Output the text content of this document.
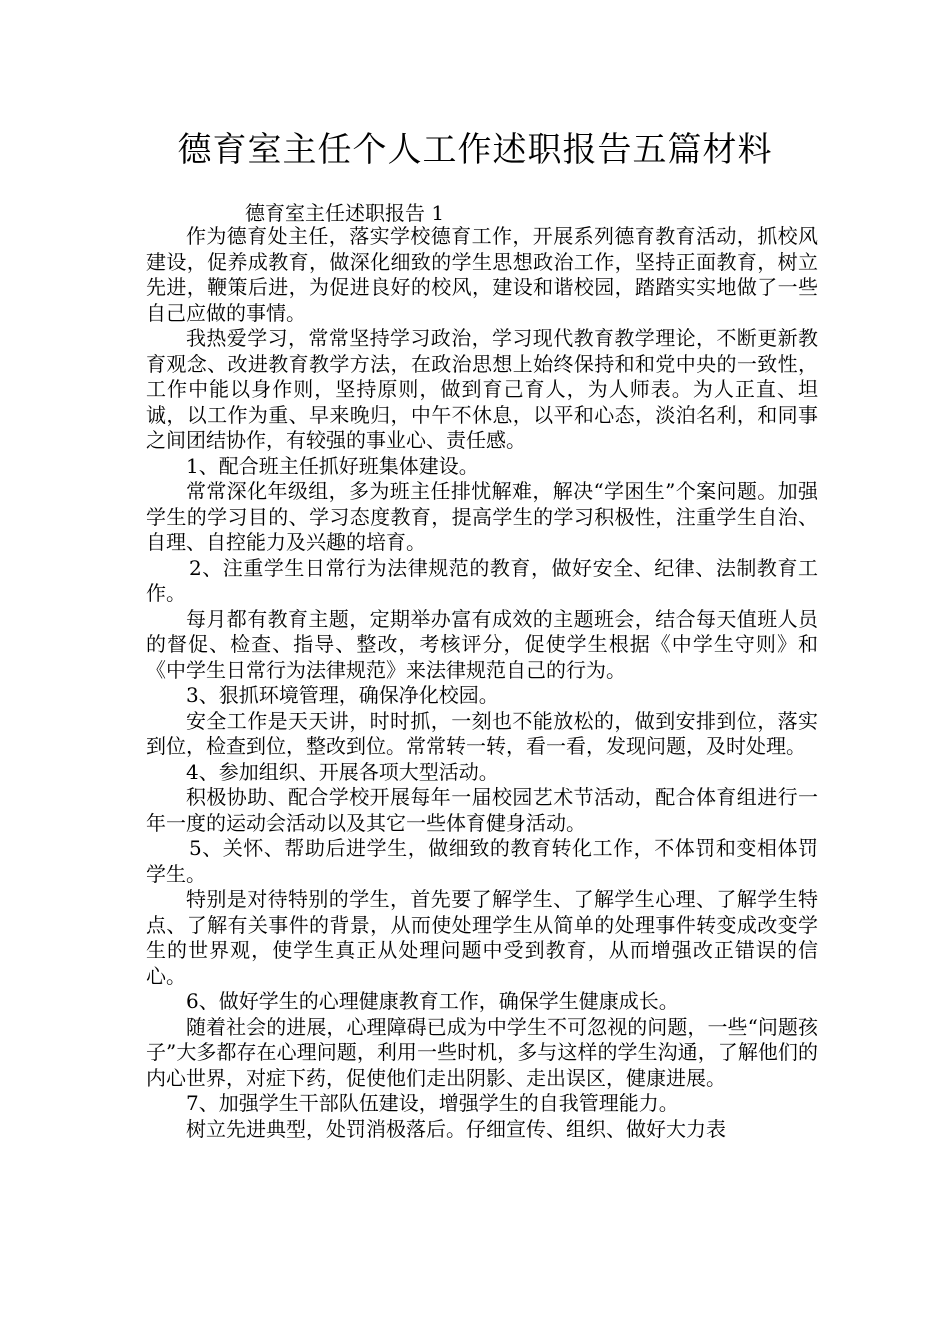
德育室主任个人工作述职报告五篇材料
德育室主任述职报告 1

作为德育处主任，落实学校德育工作，开展系列德育教育活动，抓校风建设，促养成教育，做深化细致的学生思想政治工作，坚持正面教育，树立先进，鞭策后进，为促进良好的校风，建设和谐校园，踏踏实实地做了一些自己应做的事情。

我热爱学习，常常坚持学习政治，学习现代教育教学理论，不断更新教育观念、改进教育教学方法，在政治思想上始终保持和和党中央的一致性，工作中能以身作则，坚持原则，做到育己育人，为人师表。为人正直、坦诚，以工作为重、早来晚归，中午不休息，以平和心态，淡泊名利，和同事之间团结协作，有较强的事业心、责任感。

1、配合班主任抓好班集体建设。

常常深化年级组，多为班主任排忧解难，解决“学困生”个案问题。加强学生的学习目的、学习态度教育，提高学生的学习积极性，注重学生自治、自理、自控能力及兴趣的培育。

2、注重学生日常行为法律规范的教育，做好安全、纪律、法制教育工作。

每月都有教育主题，定期举办富有成效的主题班会，结合每天值班人员的督促、检查、指导、整改，考核评分，促使学生根据《中学生守则》和《中学生日常行为法律规范》来法律规范自己的行为。

3、狠抓环境管理，确保净化校园。

安全工作是天天讲，时时抓，一刻也不能放松的，做到安排到位，落实到位，检查到位，整改到位。常常转一转，看一看，发现问题，及时处理。

4、参加组织、开展各项大型活动。

积极协助、配合学校开展每年一届校园艺术节活动，配合体育组进行一年一度的运动会活动以及其它一些体育健身活动。

5、关怀、帮助后进学生，做细致的教育转化工作，不体罚和变相体罚学生。

特别是对待特别的学生，首先要了解学生、了解学生心理、了解学生特点、了解有关事件的背景，从而使处理学生从简单的处理事件转变成改变学生的世界观，使学生真正从处理问题中受到教育，从而增强改正错误的信心。

6、做好学生的心理健康教育工作，确保学生健康成长。

随着社会的进展，心理障碍已成为中学生不可忽视的问题，一些“问题孩子”大多都存在心理问题，利用一些时机，多与这样的学生沟通，了解他们的内心世界，对症下药，促使他们走出阴影、走出误区，健康进展。

7、加强学生干部队伍建设，增强学生的自我管理能力。

树立先进典型，处罚消极落后。仔细宣传、组织、做好大力表
